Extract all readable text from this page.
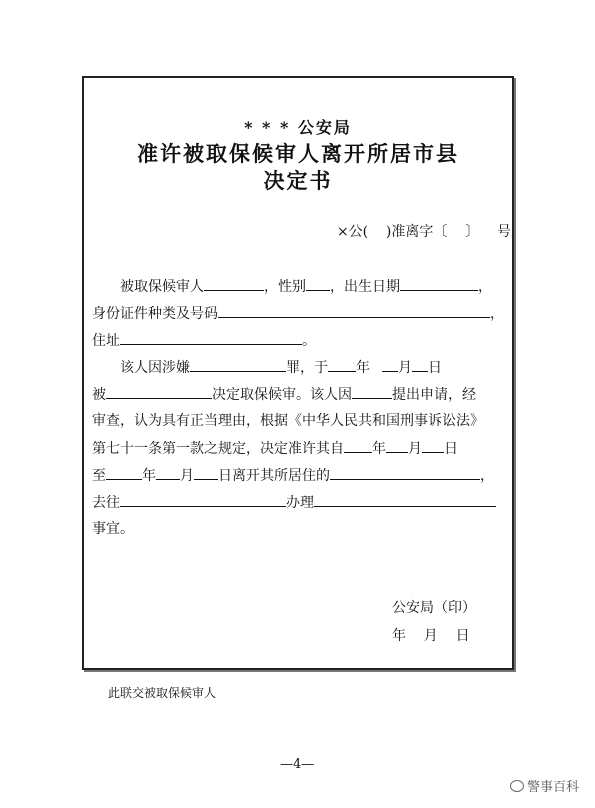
* * * 公安局
准许被取保候审人离开所居市县
决定书
×公(    )准离字〔    〕    号
被取保候审人	，性别 ，出生日期	，
身份证件种类及号码	，
住址	。
该人因涉嫌	罪，于 年 月 日
被	决定取保候审。该人因	提出申请，经
审查，认为具有正当理由，根据《中华人民共和国刑事诉讼法》
第七十一条第一款之规定，决定准许其自 年 月 日
至	年 月 日离开其所居住的	，
去往	办理
事宜。
公安局（印）
年    月    日
此联交被取保候审人
—4—
警事百科
